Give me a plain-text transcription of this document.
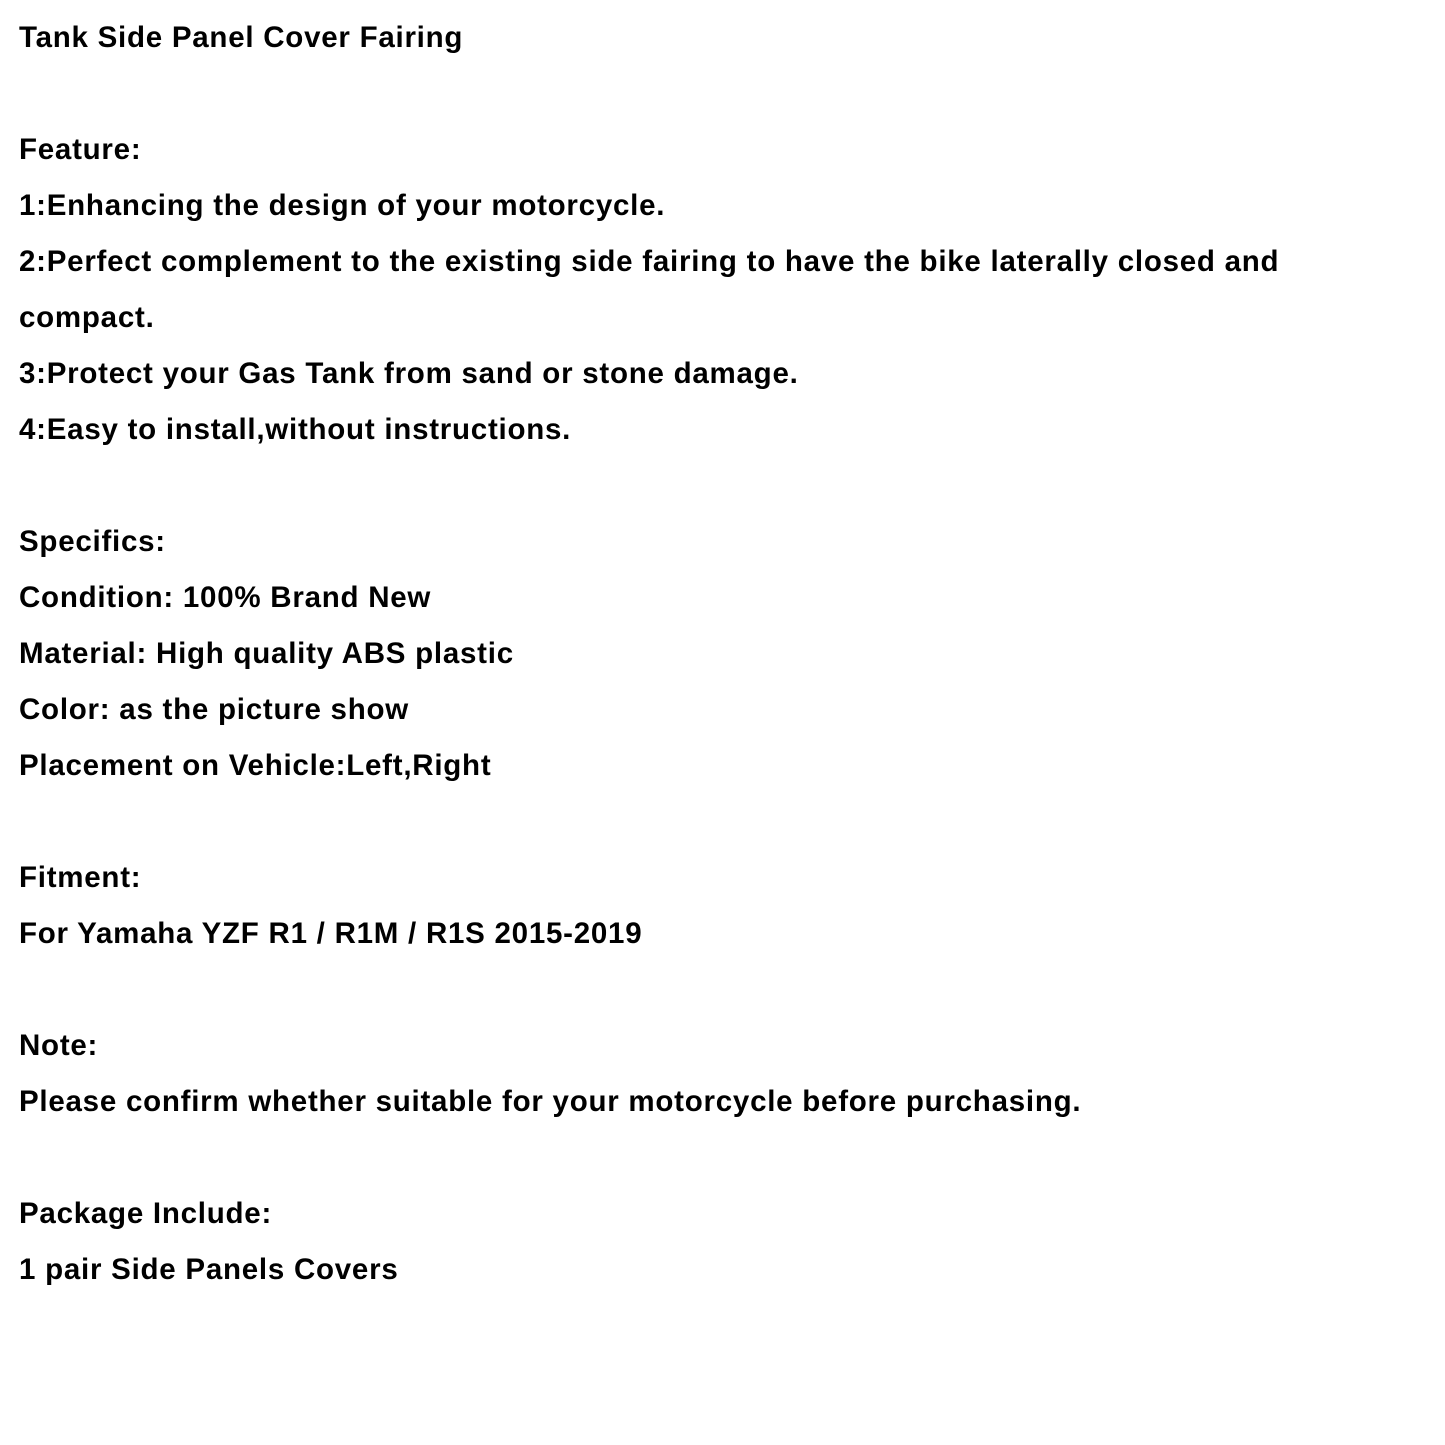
Tank Side Panel Cover Fairing
Feature:
1:Enhancing the design of your motorcycle.
2:Perfect complement to the existing side fairing to have the bike laterally closed and
compact.
3:Protect your Gas Tank from sand or stone damage.
4:Easy to install,without instructions.
Specifics:
Condition: 100% Brand New
Material: High quality ABS plastic
Color: as the picture show
Placement on Vehicle:Left,Right
Fitment:
For Yamaha YZF R1 / R1M / R1S 2015-2019
Note:
Please confirm whether suitable for your motorcycle before purchasing.
Package Include:
1 pair Side Panels Covers
